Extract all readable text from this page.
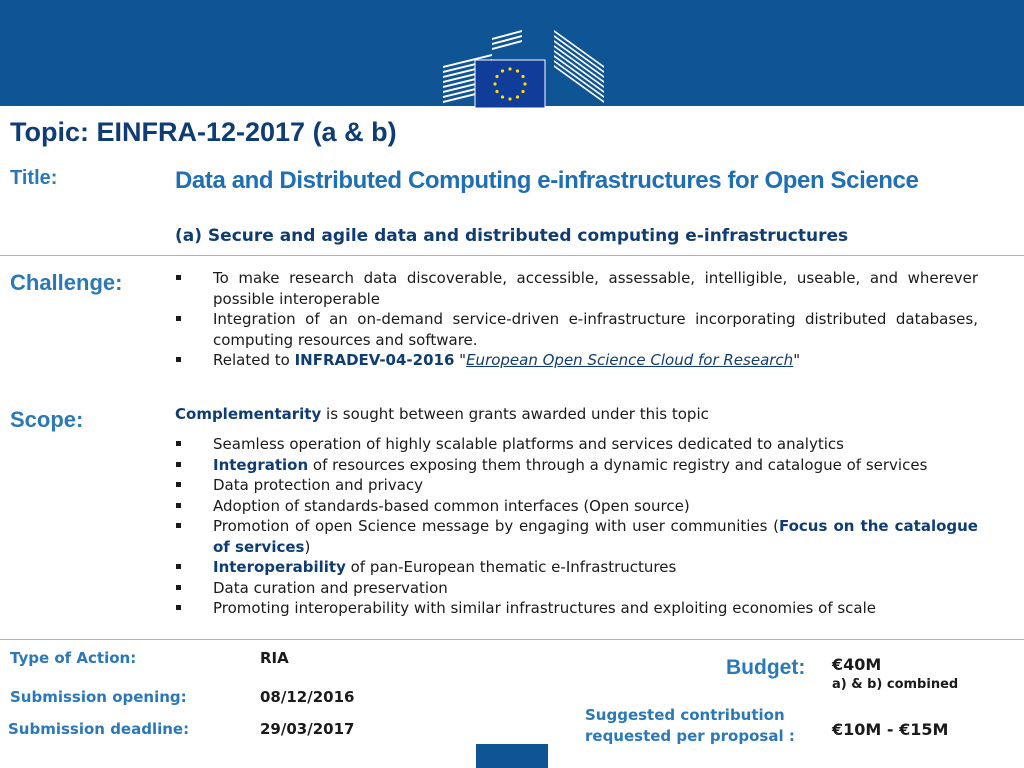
Topic: EINFRA-12-2017 (a & b)
Title:	Data and Distributed Computing e-infrastructures for Open Science
(a) Secure and agile data and distributed computing e-infrastructures
Challenge:	To make research data discoverable, accessible, assessable, intelligible, useable, and wherever possible interoperable
Integration of an on-demand service-driven e-infrastructure incorporating distributed databases, computing resources and software.
Related to INFRADEV-04-2016 "European Open Science Cloud for Research"
Scope:	Complementarity is sought between grants awarded under this topic
Seamless operation of highly scalable platforms and services dedicated to analytics
Integration of resources exposing them through a dynamic registry and catalogue of services
Data protection and privacy
Adoption of standards-based common interfaces (Open source)
Promotion of open Science message by engaging with user communities (Focus on the catalogue of services)
Interoperability of pan-European thematic e-Infrastructures
Data curation and preservation
Promoting interoperability with similar infrastructures and exploiting economies of scale
Type of Action:	RIA
Submission opening:	08/12/2016
Submission deadline:	29/03/2017
Budget: €40M
a) & b) combined
Suggested contribution requested per proposal :	€10M - €15M
